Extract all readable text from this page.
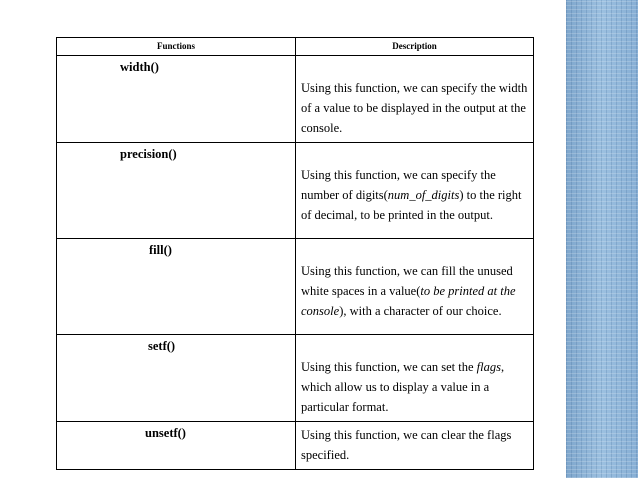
Functions	Description

width()	Using this function, we can specify the width of a value to be displayed in the output at the console.

precision()	Using this function, we can specify the number of digits(num_of_digits) to the right of decimal, to be printed in the output.

fill()	Using this function, we can fill the unused white spaces in a value(to be printed at the console), with a character of our choice.

setf()	Using this function, we can set the flags, which allow us to display a value in a particular format.

unsetf()	Using this function, we can clear the flags specified.
